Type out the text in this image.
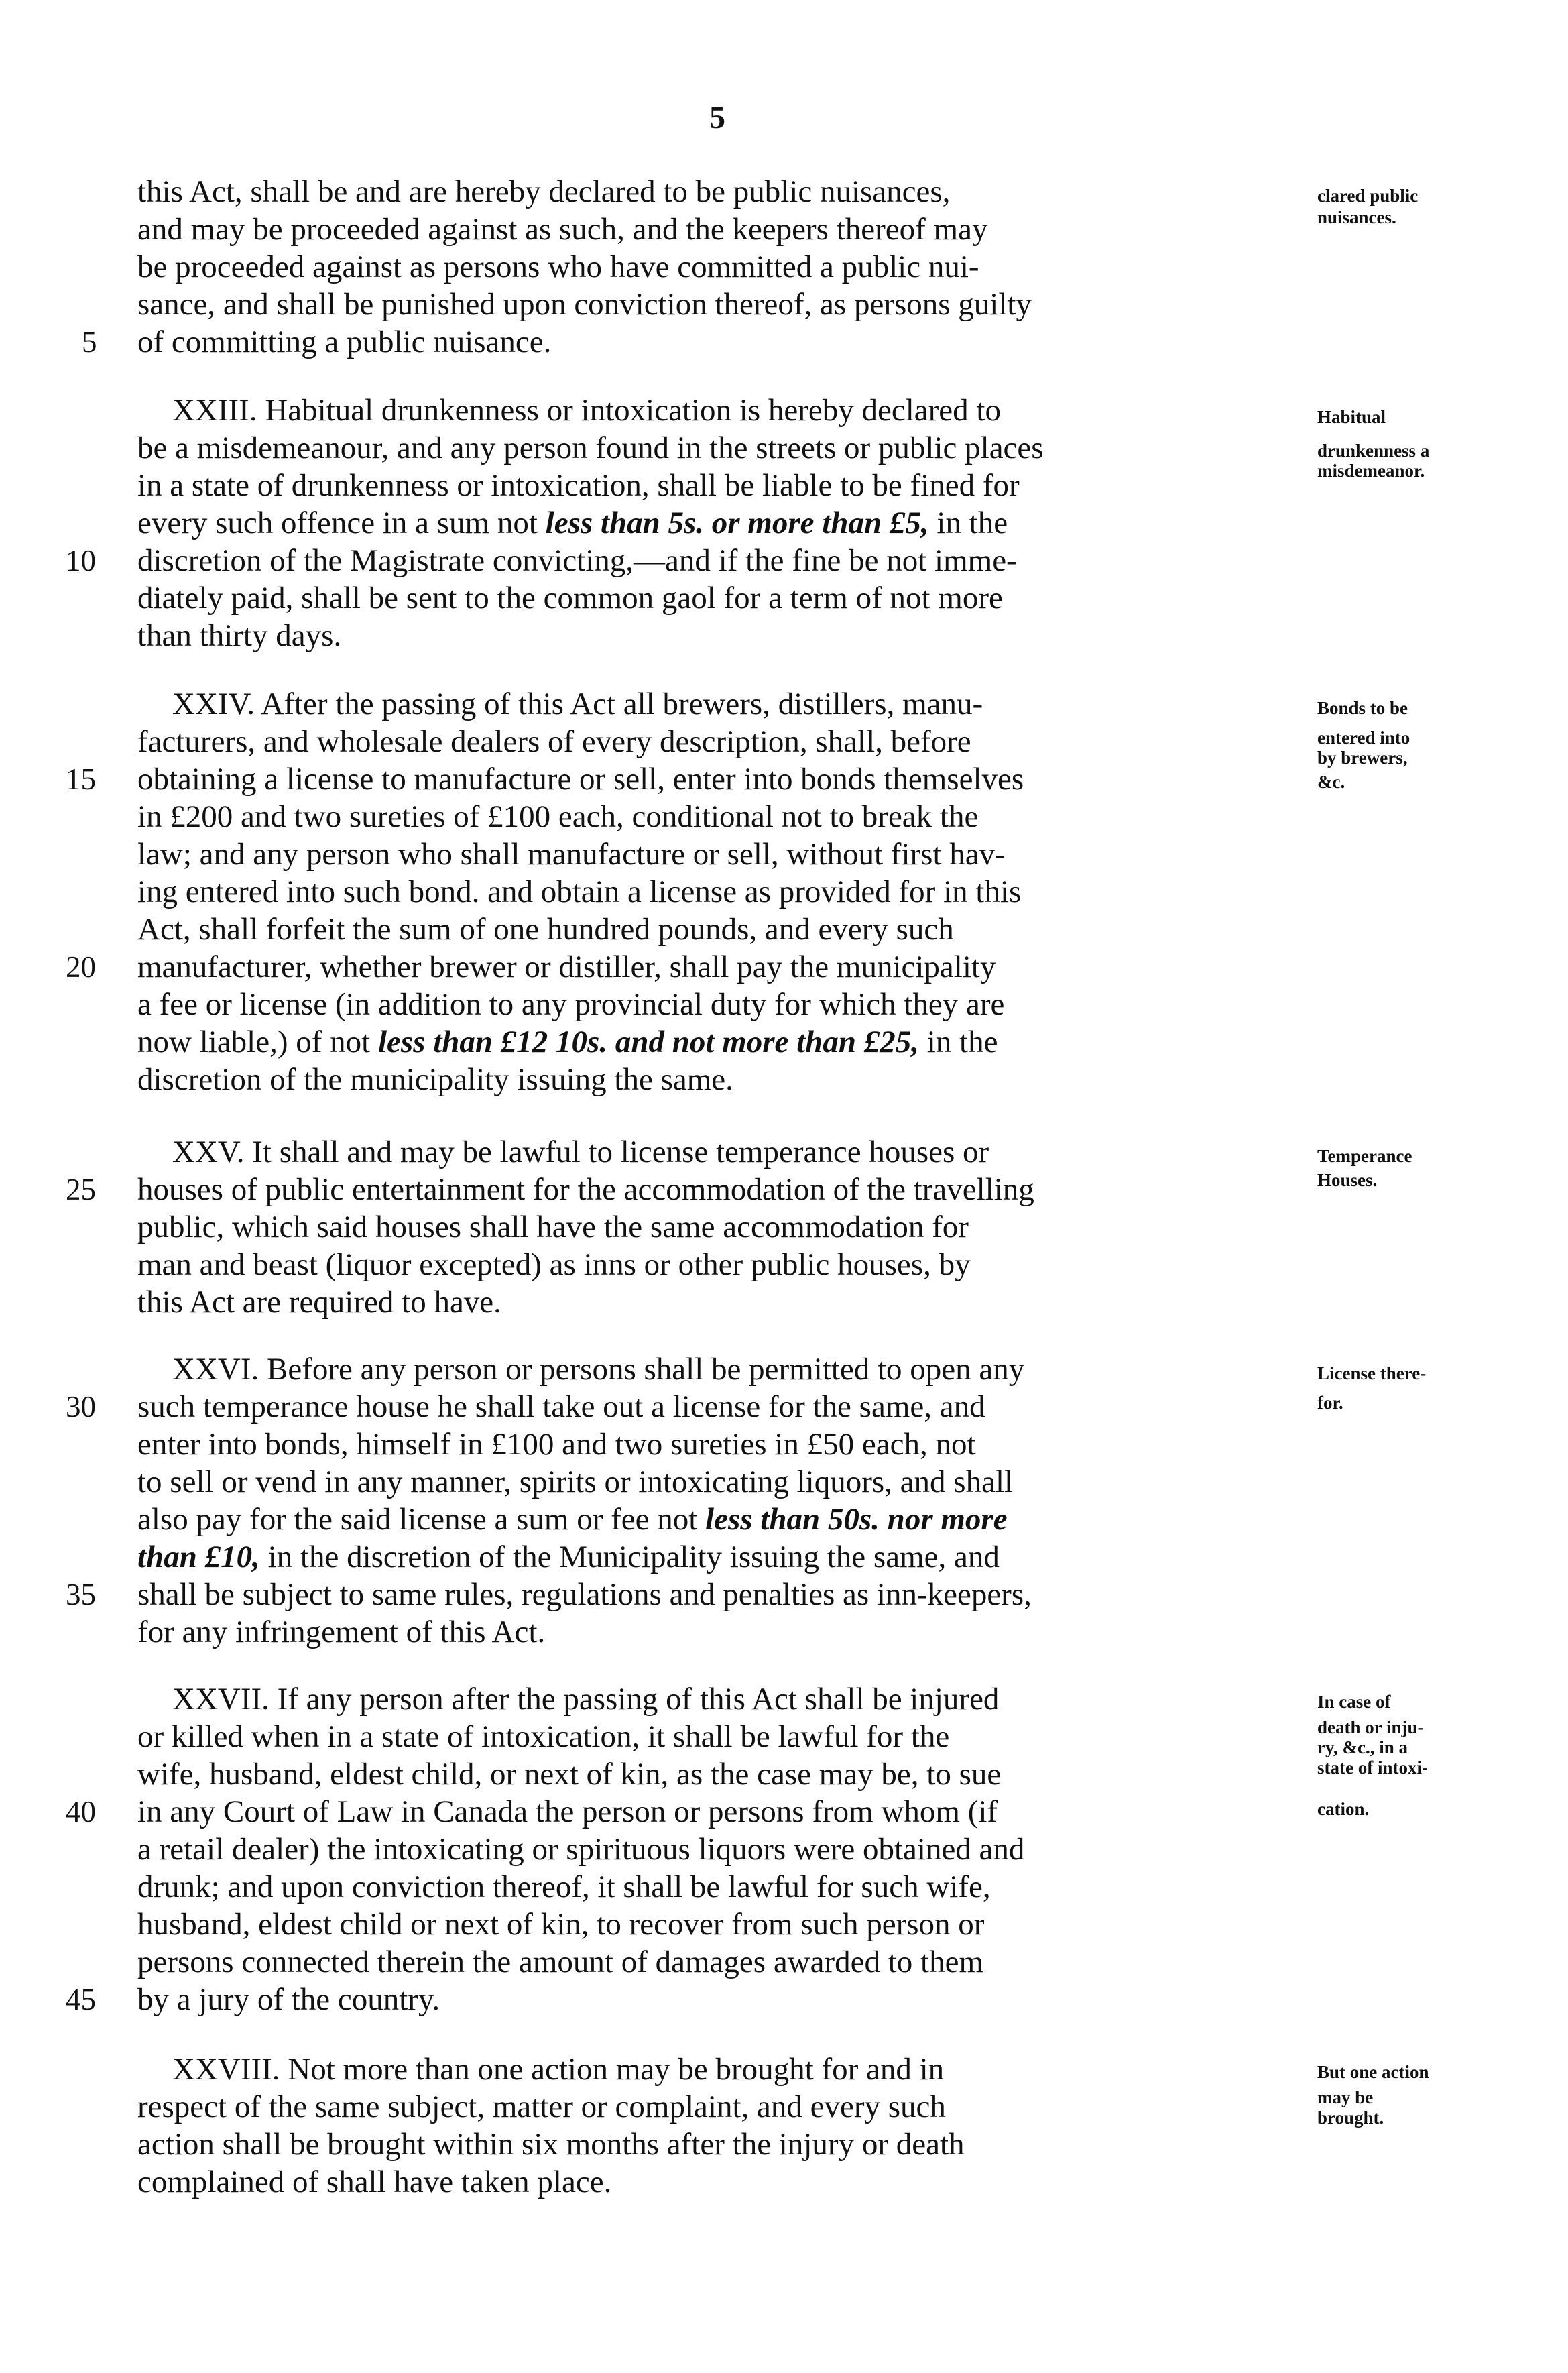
5
this Act, shall be and are hereby declared to be public nuisances,
and may be proceeded against as such, and the keepers thereof may
be proceeded against as persons who have committed a public nui-
sance, and shall be punished upon conviction thereof, as persons guilty
of committing a public nuisance.
XXIII. Habitual drunkenness or intoxication is hereby declared to
be a misdemeanour, and any person found in the streets or public places
in a state of drunkenness or intoxication, shall be liable to be fined for
every such offence in a sum not less than 5s. or more than £5, in the
discretion of the Magistrate convicting,—and if the fine be not imme-
diately paid, shall be sent to the common gaol for a term of not more
than thirty days.
XXIV. After the passing of this Act all brewers, distillers, manu-
facturers, and wholesale dealers of every description, shall, before
obtaining a license to manufacture or sell, enter into bonds themselves
in £200 and two sureties of £100 each, conditional not to break the
law; and any person who shall manufacture or sell, without first hav-
ing entered into such bond. and obtain a license as provided for in this
Act, shall forfeit the sum of one hundred pounds, and every such
manufacturer, whether brewer or distiller, shall pay the municipality
a fee or license (in addition to any provincial duty for which they are
now liable,) of not less than £12 10s. and not more than £25, in the
discretion of the municipality issuing the same.
XXV. It shall and may be lawful to license temperance houses or
houses of public entertainment for the accommodation of the travelling
public, which said houses shall have the same accommodation for
man and beast (liquor excepted) as inns or other public houses, by
this Act are required to have.
XXVI. Before any person or persons shall be permitted to open any
such temperance house he shall take out a license for the same, and
enter into bonds, himself in £100 and two sureties in £50 each, not
to sell or vend in any manner, spirits or intoxicating liquors, and shall
also pay for the said license a sum or fee not less than 50s. nor more
than £10, in the discretion of the Municipality issuing the same, and
shall be subject to same rules, regulations and penalties as inn-keepers,
for any infringement of this Act.
XXVII. If any person after the passing of this Act shall be injured
or killed when in a state of intoxication, it shall be lawful for the
wife, husband, eldest child, or next of kin, as the case may be, to sue
in any Court of Law in Canada the person or persons from whom (if
a retail dealer) the intoxicating or spirituous liquors were obtained and
drunk; and upon conviction thereof, it shall be lawful for such wife,
husband, eldest child or next of kin, to recover from such person or
persons connected therein the amount of damages awarded to them
by a jury of the country.
XXVIII. Not more than one action may be brought for and in
respect of the same subject, matter or complaint, and every such
action shall be brought within six months after the injury or death
complained of shall have taken place.
5
10
15
20
25
30
35
40
45
clared public
nuisances.
Habitual
drunkenness a
misdemeanor.
Bonds to be
entered into
by brewers,
&c.
Temperance
Houses.
License there-
for.
In case of
death or inju-
ry, &c., in a
state of intoxi-
cation.
But one action
may be
brought.
